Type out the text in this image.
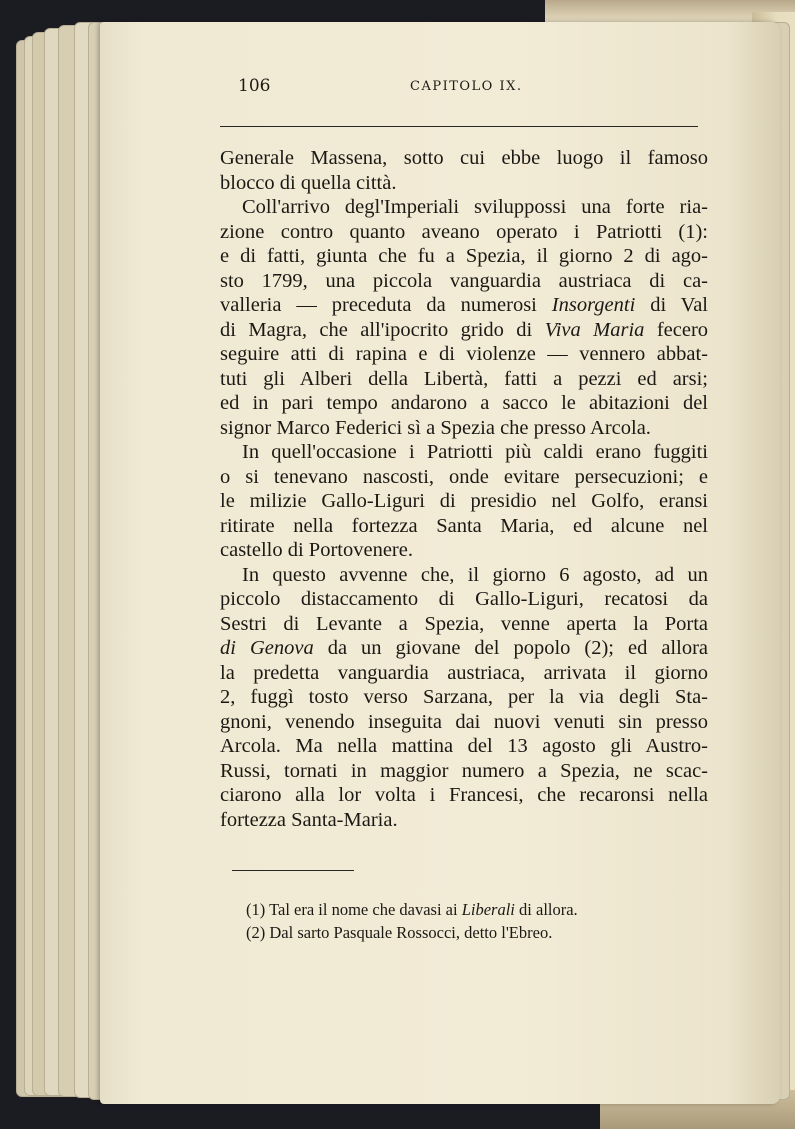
106	CAPITOLO IX.
Generale Massena, sotto cui ebbe luogo il famoso
blocco di quella città.
Coll'arrivo degl'Imperiali sviluppossi una forte ria-
zione contro quanto aveano operato i Patriotti (1):
e di fatti, giunta che fu a Spezia, il giorno 2 di ago-
sto 1799, una piccola vanguardia austriaca di ca-
valleria — preceduta da numerosi Insorgenti di Val
di Magra, che all'ipocrito grido di Viva Maria fecero
seguire atti di rapina e di violenze — vennero abbat-
tuti gli Alberi della Libertà, fatti a pezzi ed arsi;
ed in pari tempo andarono a sacco le abitazioni del
signor Marco Federici sì a Spezia che presso Arcola.
In quell'occasione i Patriotti più caldi erano fuggiti
o si tenevano nascosti, onde evitare persecuzioni; e
le milizie Gallo-Liguri di presidio nel Golfo, eransi
ritirate nella fortezza Santa Maria, ed alcune nel
castello di Portovenere.
In questo avvenne che, il giorno 6 agosto, ad un
piccolo distaccamento di Gallo-Liguri, recatosi da
Sestri di Levante a Spezia, venne aperta la Porta
di Genova da un giovane del popolo (2); ed allora
la predetta vanguardia austriaca, arrivata il giorno
2, fuggì tosto verso Sarzana, per la via degli Sta-
gnoni, venendo inseguita dai nuovi venuti sin presso
Arcola. Ma nella mattina del 13 agosto gli Austro-
Russi, tornati in maggior numero a Spezia, ne scac-
ciarono alla lor volta i Francesi, che recaronsi nella
fortezza Santa-Maria.
(1) Tal era il nome che davasi ai Liberali di allora.
(2) Dal sarto Pasquale Rossocci, detto l'Ebreo.
